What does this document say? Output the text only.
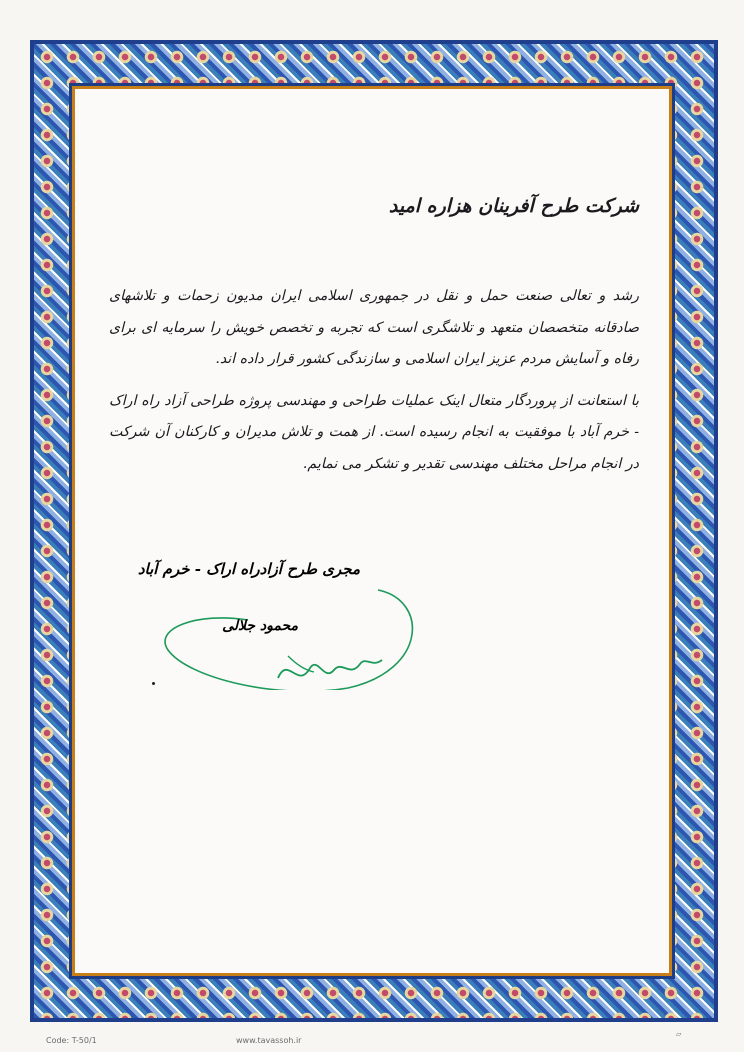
شرکت طرح آفرینان هزاره امید

رشد و تعالی صنعت حمل و نقل در جمهوری اسلامی ایران مدیون زحمات و تلاشهای صادقانه متخصصان متعهد و تلاشگری است که تجربه و تخصص خویش را سرمایه ای برای رفاه و آسایش مردم عزیز ایران اسلامی و سازندگی کشور قرار داده اند.

با استعانت از پروردگار متعال اینک عملیات طراحی و مهندسی پروژه طراحی آزاد راه اراک - خرم آباد با موفقیت به انجام رسیده است. از همت و تلاش مدیران و کارکنان آن شرکت در انجام مراحل مختلف مهندسی تقدیر و تشکر می نمایم.

مجری طرح آزادراه اراک - خرم آباد
محمود جلالی
Code: T-50/1	www.tavassoh.ir
▱
